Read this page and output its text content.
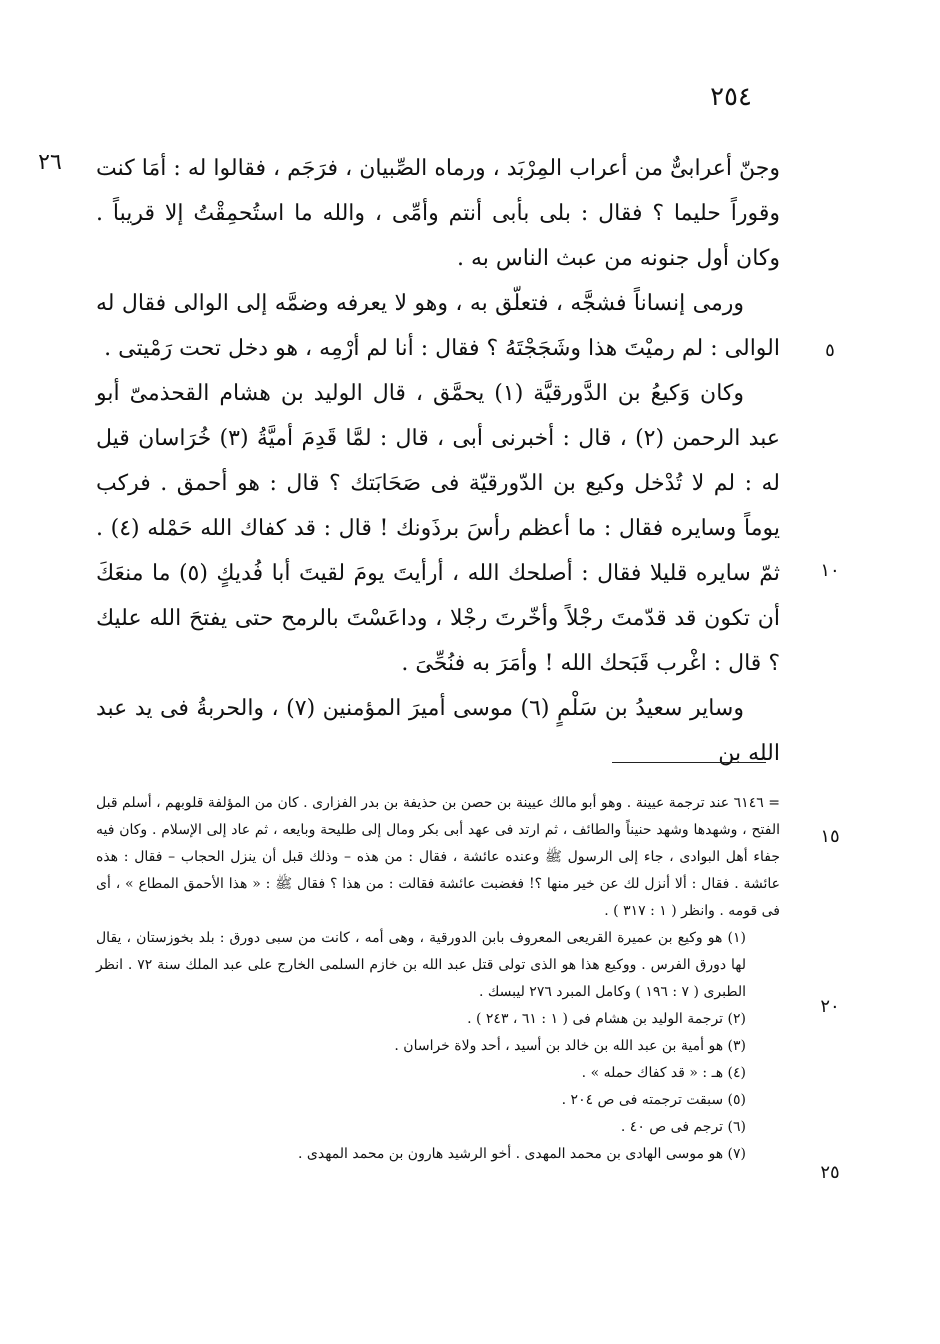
٢٥٤
٢٦
٥
١٠
١٥
٢٠
٢٥

وجنّ أعرابىٌّ من أعراب المِرْبَد ، ورماه الصِّبيان ، فرَجَم ، فقالوا له : أمَا كنت وقوراً حليما ؟ فقال : بلى بأبى أنتم وأمِّى ، والله ما استُحمِقْتُ إلا قريباً . وكان أول جنونه من عبث الناس به .

ورمى إنساناً فشجَّه ، فتعلّق به ، وهو لا يعرفه وضمَّه إلى الوالى فقال له الوالى : لم رميْتَ هذا وشَجَجْتَهُ ؟ فقال : أنا لم أرْمِه ، هو دخل تحت رَمْيتى .

وكان وَكيعُ بن الدَّورقيَّة (١) يحمَّق ، قال الوليد بن هشام القحذمىّ أبو عبد الرحمن (٢) ، قال : أخبرنى أبى ، قال : لمَّا قَدِمَ أميَّةُ (٣) خُرَاسان قيل له : لم لا تُدْخل وكيع بن الدّورقيّة فى صَحَابَتك ؟ قال : هو أحمق . فركب يوماً وسايره فقال : ما أعظم رأسَ برذَونك ! قال : قد كفاك الله حَمْله (٤) . ثمّ سايره قليلا فقال : أصلحك الله ، أرأيتَ يومَ لقيتَ أبا فُديكٍ (٥) ما منعَكَ أن تكون قد قدّمتَ رجْلاً وأخّرتَ رجْلا ، وداعَسْتَ بالرمح حتى يفتحَ الله عليك ؟ قال : اغْرب قَبَحك الله ! وأمَرَ به فنُحِّىَ .

وساير سعيدُ بن سَلْمٍ (٦) موسى أميرَ المؤمنين (٧) ، والحربةُ فى يد عبد الله بن

= ٦١٤٦ عند ترجمة عيينة . وهو أبو مالك عيينة بن حصن بن حذيفة بن بدر الفزارى . كان من المؤلفة قلوبهم ، أسلم قبل الفتح ، وشهدها وشهد حنيناً والطائف ، ثم ارتد فى عهد أبى بكر ومال إلى طليحة وبايعه ، ثم عاد إلى الإسلام . وكان فيه جفاء أهل البوادى ، جاء إلى الرسول ﷺ وعنده عائشة ، فقال : من هذه – وذلك قبل أن ينزل الحجاب – فقال : هذه عائشة . فقال : ألا أنزل لك عن خير منها ؟! فغضبت عائشة فقالت : من هذا ؟ فقال ﷺ : « هذا الأحمق المطاع » ، أى فى قومه . وانظر ( ١ : ٣١٧ ) .

(١) هو وكيع بن عميرة القريعى المعروف بابن الدورقية ، وهى أمه ، كانت من سبى دورق : بلد بخوزستان ، يقال لها دورق الفرس . ووكيع هذا هو الذى تولى قتل عبد الله بن خازم السلمى الخارج على عبد الملك سنة ٧٢ . انظر الطبرى ( ٧ : ١٩٦ ) وكامل المبرد ٢٧٦ ليبسك .

(٢) ترجمة الوليد بن هشام فى ( ١ : ٦١ ، ٢٤٣ ) .

(٣) هو أمية بن عبد الله بن خالد بن أسيد ، أحد ولاة خراسان .

(٤) هـ : « قد كفاك حمله » .

(٥) سبقت ترجمته فى ص ٢٠٤ .

(٦) ترجم فى ص ٤٠ .

(٧) هو موسى الهادى بن محمد المهدى . أخو الرشيد هارون بن محمد المهدى .
